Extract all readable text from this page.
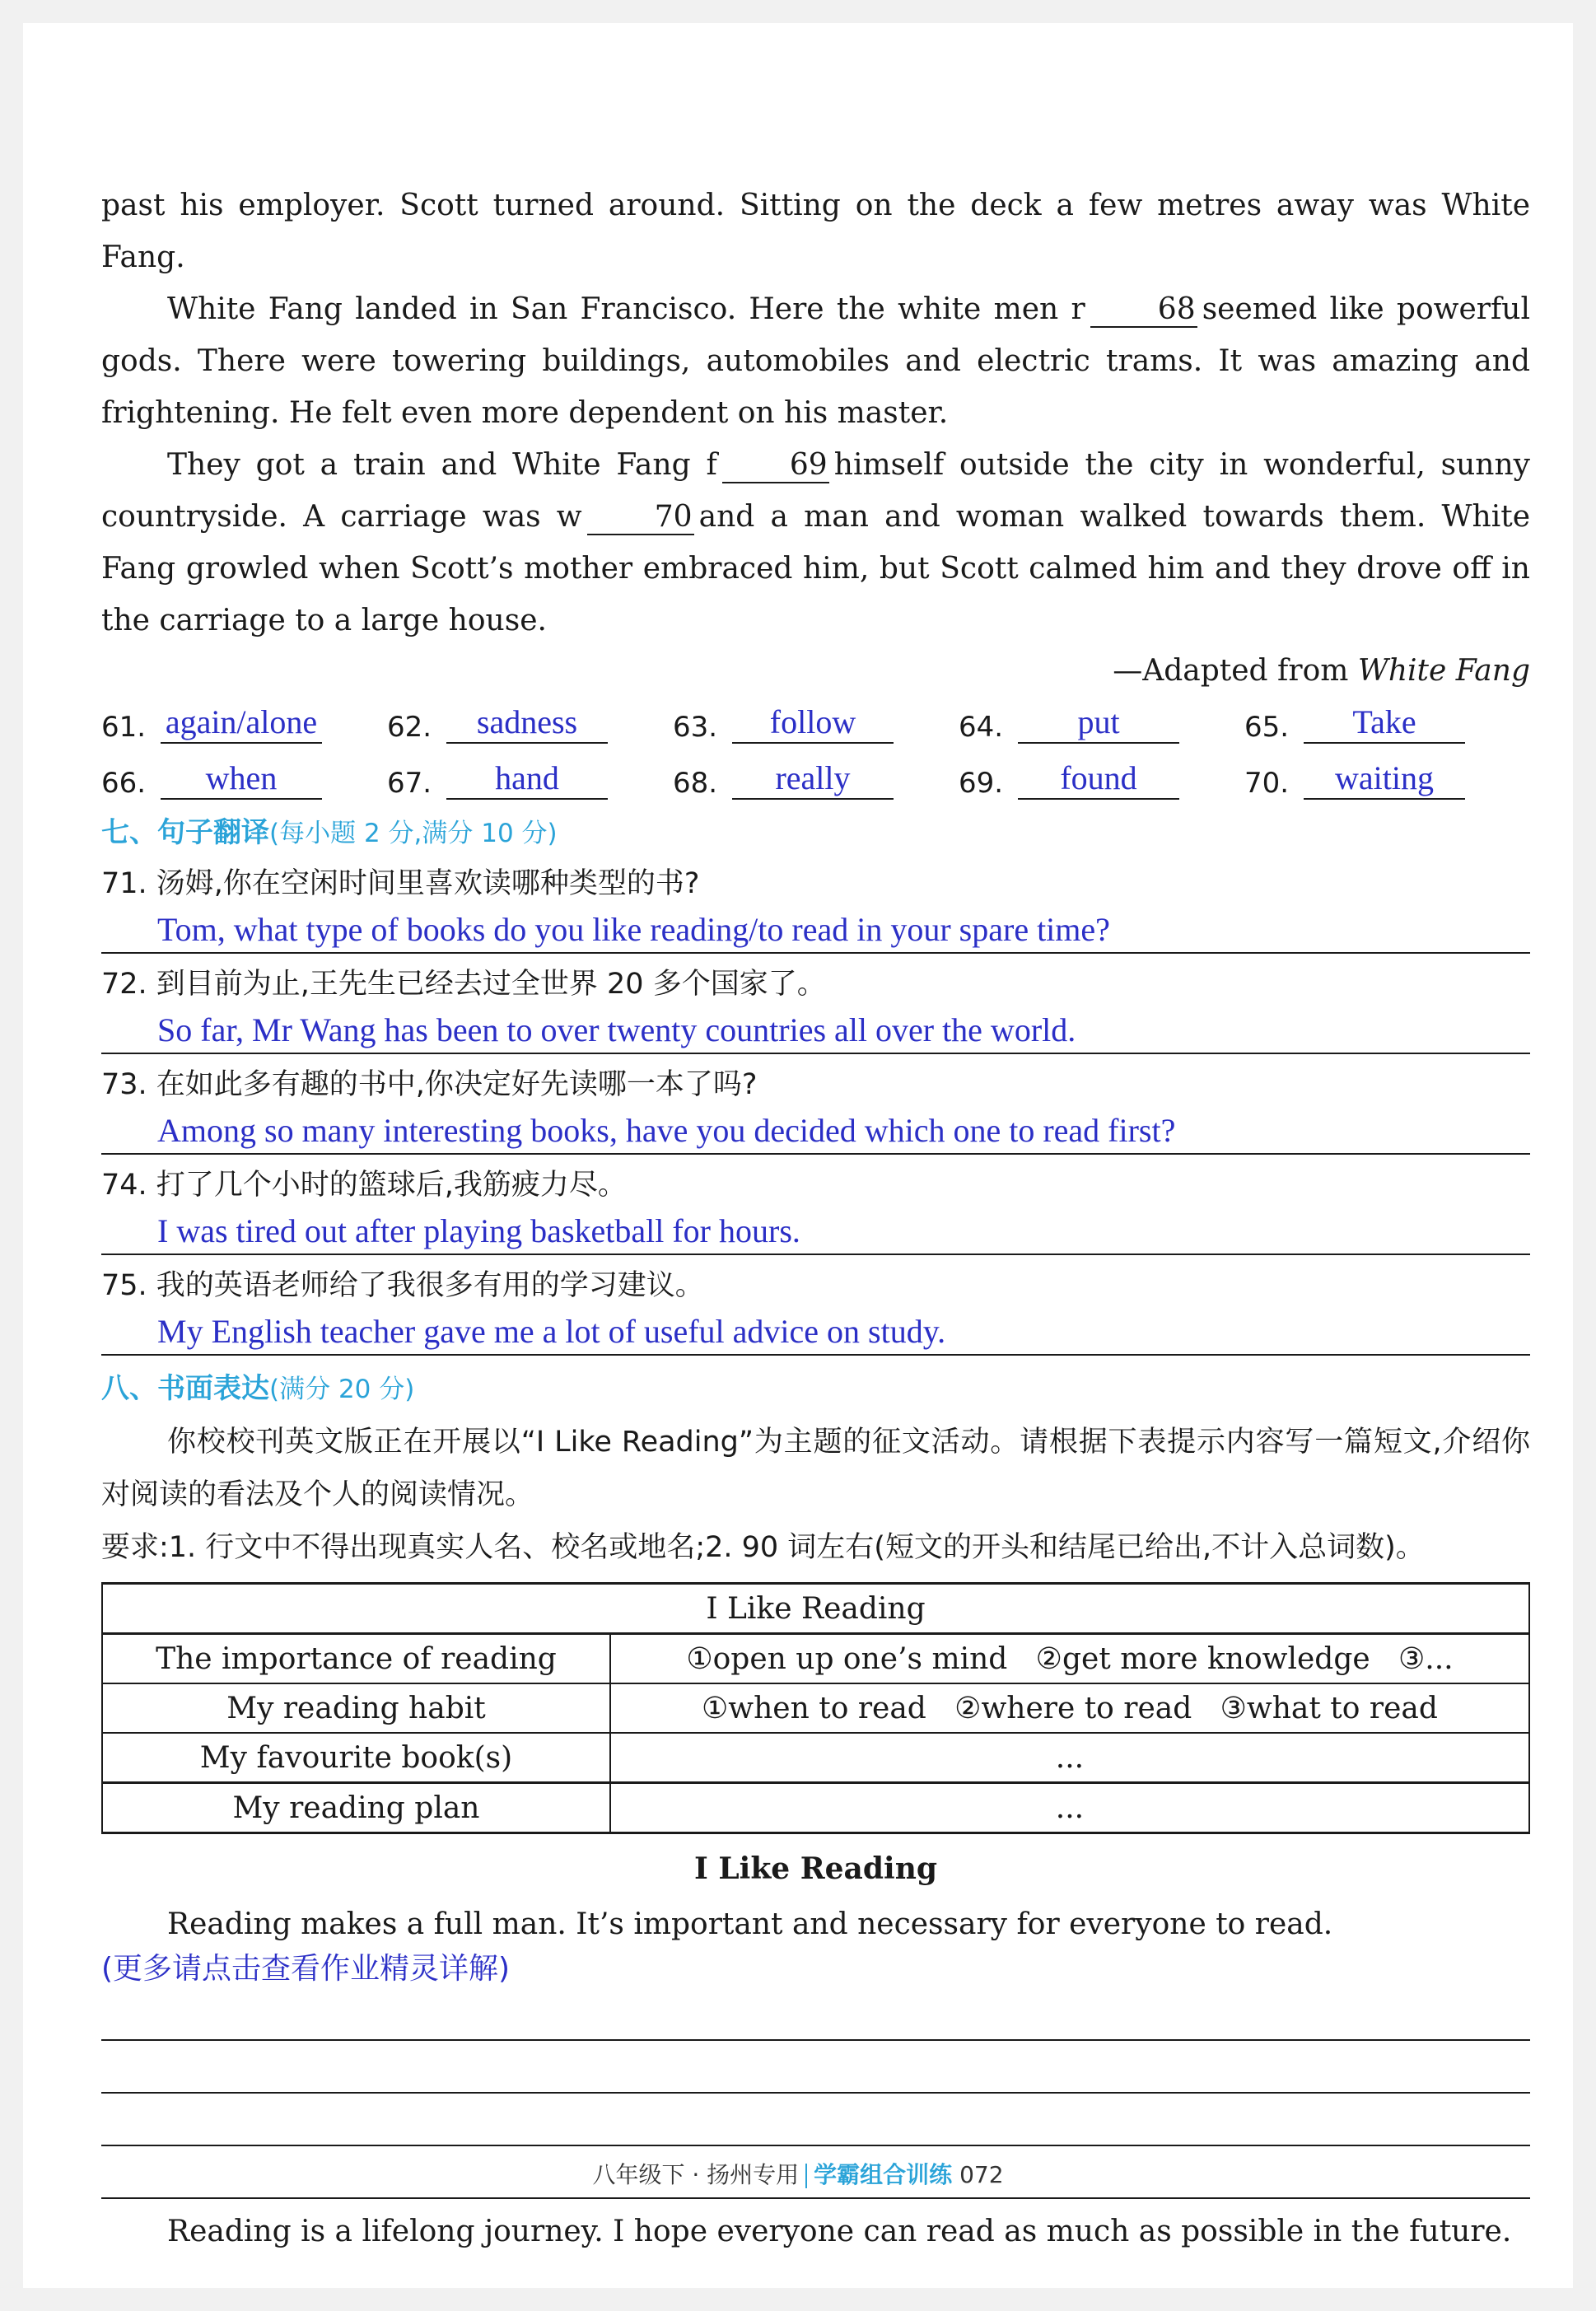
past his employer. Scott turned around. Sitting on the deck a few metres away was White Fang.

White Fang landed in San Francisco. Here the white men r 68 seemed like powerful gods. There were towering buildings, automobiles and electric trams. It was amazing and frightening. He felt even more dependent on his master.

They got a train and White Fang f 69 himself outside the city in wonderful, sunny countryside. A carriage was w 70 and a man and woman walked towards them. White Fang growled when Scott’s mother embraced him, but Scott calmed him and they drove off in the carriage to a large house.

—Adapted from White Fang

61. again/alone 62.	sadness	63.	follow	64.	put	65.	Take
66.	when	67.	hand	68.	really	69.	found	70.	waiting
七、句子翻译(每小题 2 分,满分 10 分)
71. 汤姆,你在空闲时间里喜欢读哪种类型的书?
Tom, what type of books do you like reading/to read in your spare time?
72. 到目前为止,王先生已经去过全世界 20 多个国家了。
So far, Mr Wang has been to over twenty countries all over the world.
73. 在如此多有趣的书中,你决定好先读哪一本了吗?
Among so many interesting books, have you decided which one to read first?
74. 打了几个小时的篮球后,我筋疲力尽。
I was tired out after playing basketball for hours.
75. 我的英语老师给了我很多有用的学习建议。
My English teacher gave me a lot of useful advice on study.
八、书面表达(满分 20 分)

你校校刊英文版正在开展以“I Like Reading”为主题的征文活动。请根据下表提示内容写一篇短文,介绍你对阅读的看法及个人的阅读情况。

要求:1. 行文中不得出现真实人名、校名或地名;2. 90 词左右(短文的开头和结尾已给出,不计入总词数)。

I Like Reading	
The importance of reading	①open up one’s mind   ②get more knowledge   ③...
My reading habit	①when to read   ②where to read   ③what to read
My favourite book(s)	...
My reading plan	...
I Like Reading

Reading makes a full man. It’s important and necessary for everyone to read.

(更多请点击查看作业精灵详解)

Reading is a lifelong journey. I hope everyone can read as much as possible in the future.

八年级下 · 扬州专用 学霸组合训练 072
